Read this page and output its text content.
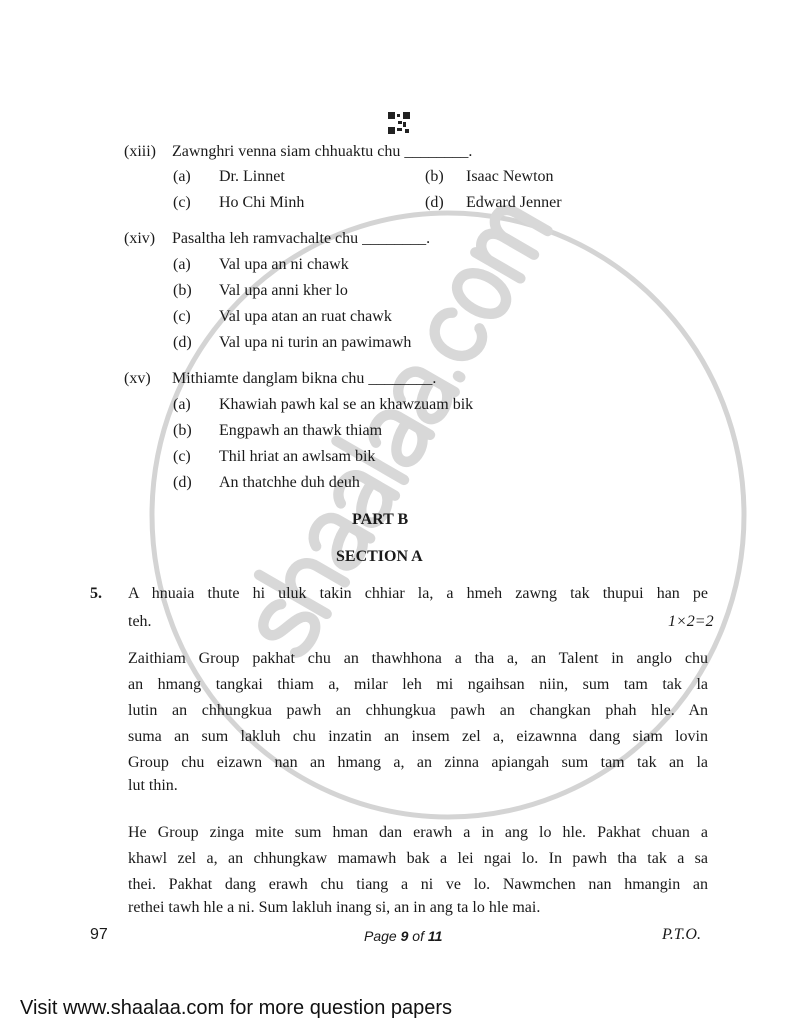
(xiii) Zawnghri venna siam chhuaktu chu ________.
(a) Dr. Linnet	(b) Isaac Newton
(c) Ho Chi Minh	(d) Edward Jenner
(xiv) Pasaltha leh ramvachalte chu ________.
(a) Val upa an ni chawk
(b) Val upa anni kher lo
(c) Val upa atan an ruat chawk
(d) Val upa ni turin an pawimawh
(xv) Mithiamte danglam bikna chu ________.
(a) Khawiah pawh kal se an khawzuam bik
(b) Engpawh an thawk thiam
(c) Thil hriat an awlsam bik
(d) An thatchhe duh deuh
PART B
SECTION A
5. A hnuaia thute hi uluk takin chhiar la, a hmeh zawng tak thupui han pe
teh.	1×2=2
Zaithiam Group pakhat chu an thawhhona a tha a, an Talent in anglo chu
an hmang tangkai thiam a, milar leh mi ngaihsan niin, sum tam tak la
lutin an chhungkua pawh an chhungkua pawh an changkan phah hle. An
suma an sum lakluh chu inzatin an insem zel a, eizawnna dang siam lovin
Group chu eizawn nan an hmang a, an zinna apiangah sum tam tak an la
lut thin.
He Group zinga mite sum hman dan erawh a in ang lo hle. Pakhat chuan a
khawl zel a, an chhungkaw mamawh bak a lei ngai lo. In pawh tha tak a sa
thei. Pakhat dang erawh chu tiang a ni ve lo. Nawmchen nan hmangin an
rethei tawh hle a ni. Sum lakluh inang si, an in ang ta lo hle mai.
97	Page 9 of 11	P.T.O.
Visit www.shaalaa.com for more question papers
